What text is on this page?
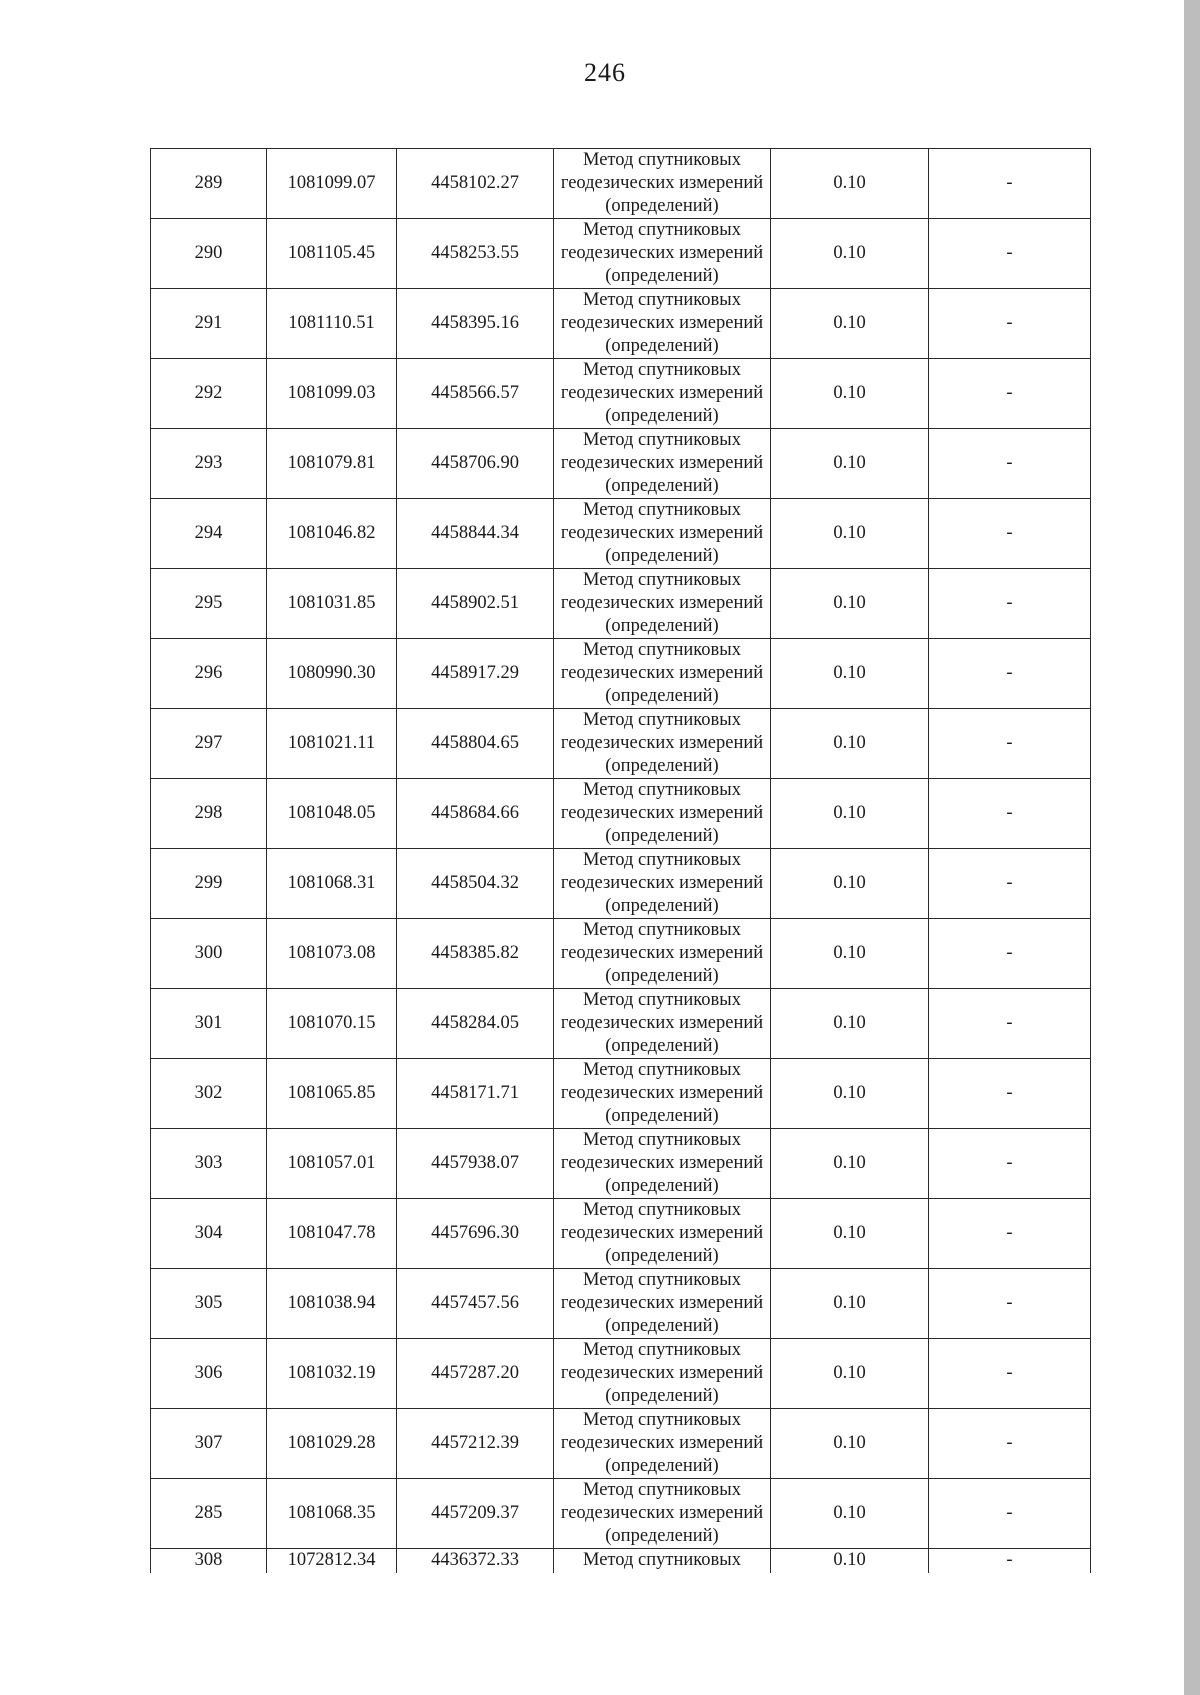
246
289	1081099.07	4458102.27	Метод спутниковых
геодезических измерений
(определений)	0.10	-
290	1081105.45	4458253.55	Метод спутниковых
геодезических измерений
(определений)	0.10	-
291	1081110.51	4458395.16	Метод спутниковых
геодезических измерений
(определений)	0.10	-
292	1081099.03	4458566.57	Метод спутниковых
геодезических измерений
(определений)	0.10	-
293	1081079.81	4458706.90	Метод спутниковых
геодезических измерений
(определений)	0.10	-
294	1081046.82	4458844.34	Метод спутниковых
геодезических измерений
(определений)	0.10	-
295	1081031.85	4458902.51	Метод спутниковых
геодезических измерений
(определений)	0.10	-
296	1080990.30	4458917.29	Метод спутниковых
геодезических измерений
(определений)	0.10	-
297	1081021.11	4458804.65	Метод спутниковых
геодезических измерений
(определений)	0.10	-
298	1081048.05	4458684.66	Метод спутниковых
геодезических измерений
(определений)	0.10	-
299	1081068.31	4458504.32	Метод спутниковых
геодезических измерений
(определений)	0.10	-
300	1081073.08	4458385.82	Метод спутниковых
геодезических измерений
(определений)	0.10	-
301	1081070.15	4458284.05	Метод спутниковых
геодезических измерений
(определений)	0.10	-
302	1081065.85	4458171.71	Метод спутниковых
геодезических измерений
(определений)	0.10	-
303	1081057.01	4457938.07	Метод спутниковых
геодезических измерений
(определений)	0.10	-
304	1081047.78	4457696.30	Метод спутниковых
геодезических измерений
(определений)	0.10	-
305	1081038.94	4457457.56	Метод спутниковых
геодезических измерений
(определений)	0.10	-
306	1081032.19	4457287.20	Метод спутниковых
геодезических измерений
(определений)	0.10	-
307	1081029.28	4457212.39	Метод спутниковых
геодезических измерений
(определений)	0.10	-
285	1081068.35	4457209.37	Метод спутниковых
геодезических измерений
(определений)	0.10	-
308	1072812.34	4436372.33	Метод спутниковых	0.10	-
